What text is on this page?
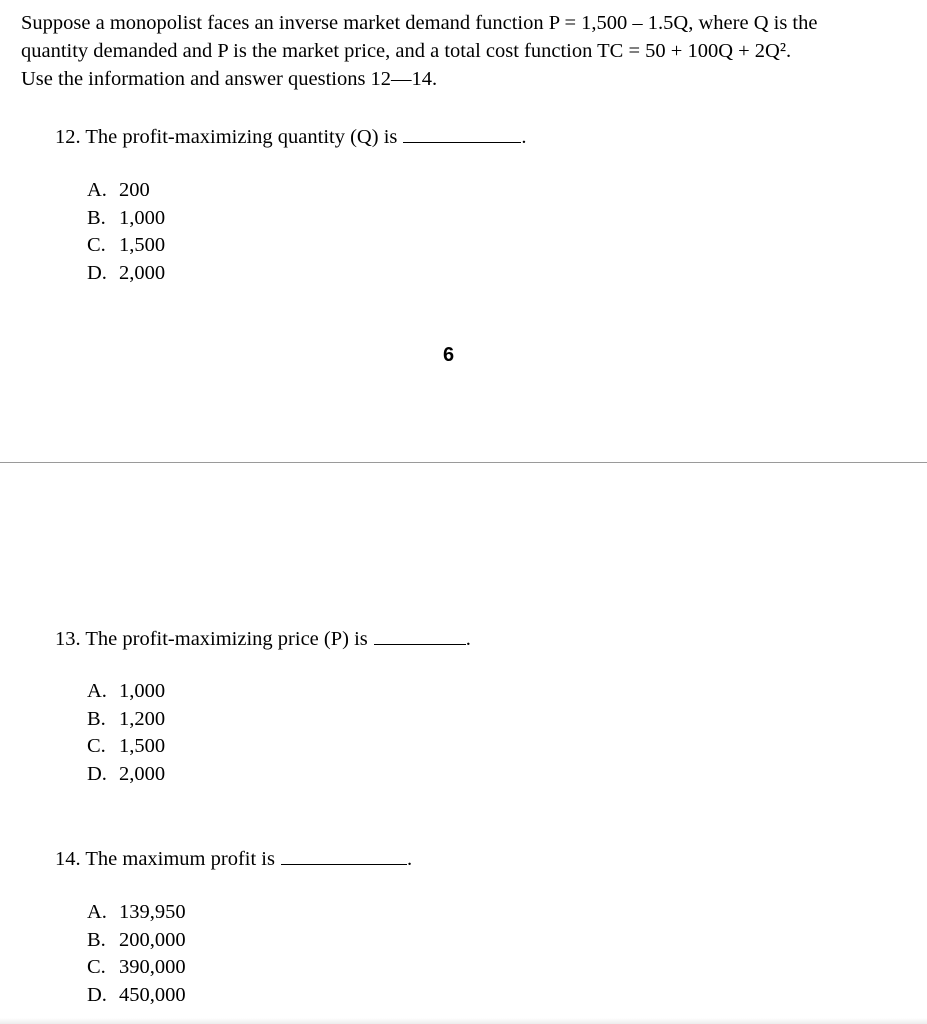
Suppose a monopolist faces an inverse market demand function P = 1,500 – 1.5Q, where Q is the
quantity demanded and P is the market price, and a total cost function TC = 50 + 100Q + 2Q².
Use the information and answer questions 12—14.

12. The profit-maximizing quantity (Q) is	.
A. 200
B. 1,000
C. 1,500
D. 2,000
6
13. The profit-maximizing price (P) is	.
A. 1,000
B. 1,200
C. 1,500
D. 2,000
14. The maximum profit is	.
A. 139,950
B. 200,000
C. 390,000
D. 450,000
